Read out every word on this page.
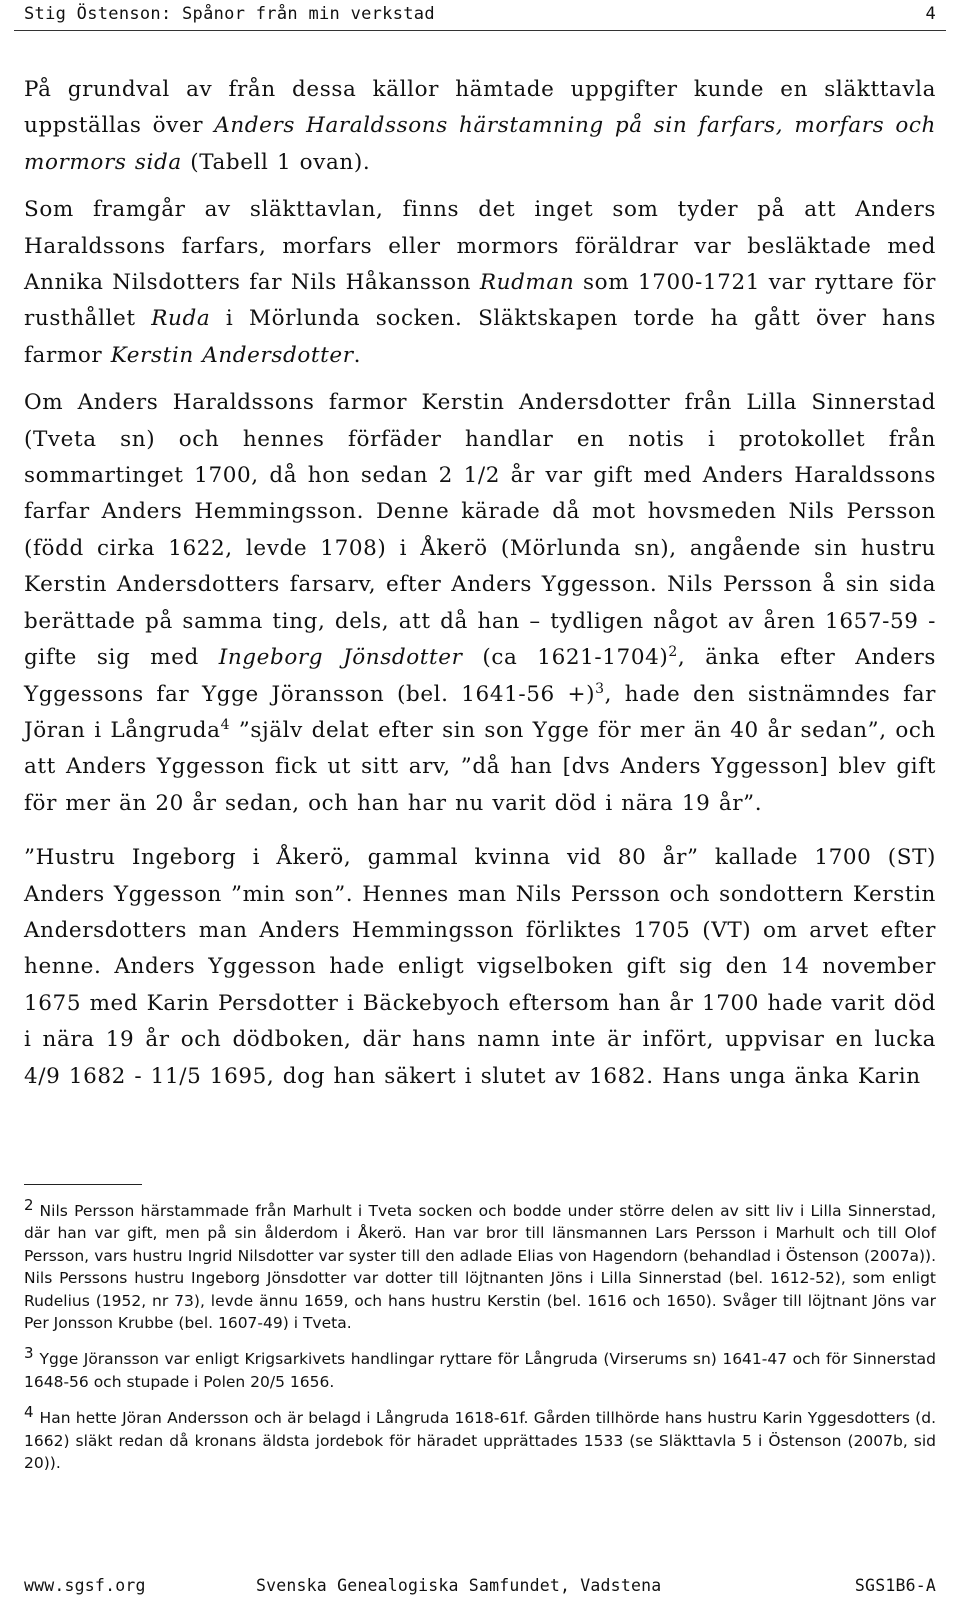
Stig Östenson: Spånor från min verkstad	4

På grundval av från dessa källor hämtade uppgifter kunde en släkttavla uppställas över Anders Haraldssons härstamning på sin farfars, morfars och mormors sida (Tabell 1 ovan).

Som framgår av släkttavlan, finns det inget som tyder på att Anders Haraldssons farfars, morfars eller mormors föräldrar var besläktade med Annika Nilsdotters far Nils Håkansson Rudman som 1700-1721 var ryttare för rusthållet Ruda i Mörlunda socken. Släktskapen torde ha gått över hans farmor Kerstin Andersdotter.

Om Anders Haraldssons farmor Kerstin Andersdotter från Lilla Sinnerstad (Tveta sn) och hennes förfäder handlar en notis i protokollet från sommartinget 1700, då hon sedan 2 1/2 år var gift med Anders Haraldssons farfar Anders Hemmingsson. Denne kärade då mot hovsmeden Nils Persson (född cirka 1622, levde 1708) i Åkerö (Mörlunda sn), angående sin hustru Kerstin Andersdotters farsarv, efter Anders Yggesson. Nils Persson å sin sida berättade på samma ting, dels, att då han – tydligen något av åren 1657-59 - gifte sig med Ingeborg Jönsdotter (ca 1621-1704)$^2$, änka efter Anders Yggessons far Ygge Jöransson (bel. 1641-56 +)$^3$, hade den sistnämndes far Jöran i Långruda$^4$ ”själv delat efter sin son Ygge för mer än 40 år sedan”, och att Anders Yggesson fick ut sitt arv, ”då han [dvs Anders Yggesson] blev gift för mer än 20 år sedan, och han har nu varit död i nära 19 år”.

”Hustru Ingeborg i Åkerö, gammal kvinna vid 80 år” kallade 1700 (ST) Anders Yggesson ”min son”. Hennes man Nils Persson och sondottern Kerstin Andersdotters man Anders Hemmingsson förliktes 1705 (VT) om arvet efter henne. Anders Yggesson hade enligt vigselboken gift sig den 14 november 1675 med Karin Persdotter i Bäckebyoch eftersom han år 1700 hade varit död i nära 19 år och dödboken, där hans namn inte är infört, uppvisar en lucka 4/9 1682 - 11/5 1695, dog han säkert i slutet av 1682. Hans unga änka Karin

2 Nils Persson härstammade från Marhult i Tveta socken och bodde under större delen av sitt liv i Lilla Sinnerstad, där han var gift, men på sin ålderdom i Åkerö. Han var bror till länsmannen Lars Persson i Marhult och till Olof Persson, vars hustru Ingrid Nilsdotter var syster till den adlade Elias von Hagendorn (behandlad i Östenson (2007a)). Nils Perssons hustru Ingeborg Jönsdotter var dotter till löjtnanten Jöns i Lilla Sinnerstad (bel. 1612-52), som enligt Rudelius (1952, nr 73), levde ännu 1659, och hans hustru Kerstin (bel. 1616 och 1650). Svåger till löjtnant Jöns var Per Jonsson Krubbe (bel. 1607-49) i Tveta.

3 Ygge Jöransson var enligt Krigsarkivets handlingar ryttare för Långruda (Virserums sn) 1641-47 och för Sinnerstad 1648-56 och stupade i Polen 20/5 1656.

4 Han hette Jöran Andersson och är belagd i Långruda 1618-61f. Gården tillhörde hans hustru Karin Yggesdotters (d. 1662) släkt redan då kronans äldsta jordebok för häradet upprättades 1533 (se Släkttavla 5 i Östenson (2007b, sid 20)).

www.sgsf.org	Svenska Genealogiska Samfundet, Vadstena	SGS1B6-A
